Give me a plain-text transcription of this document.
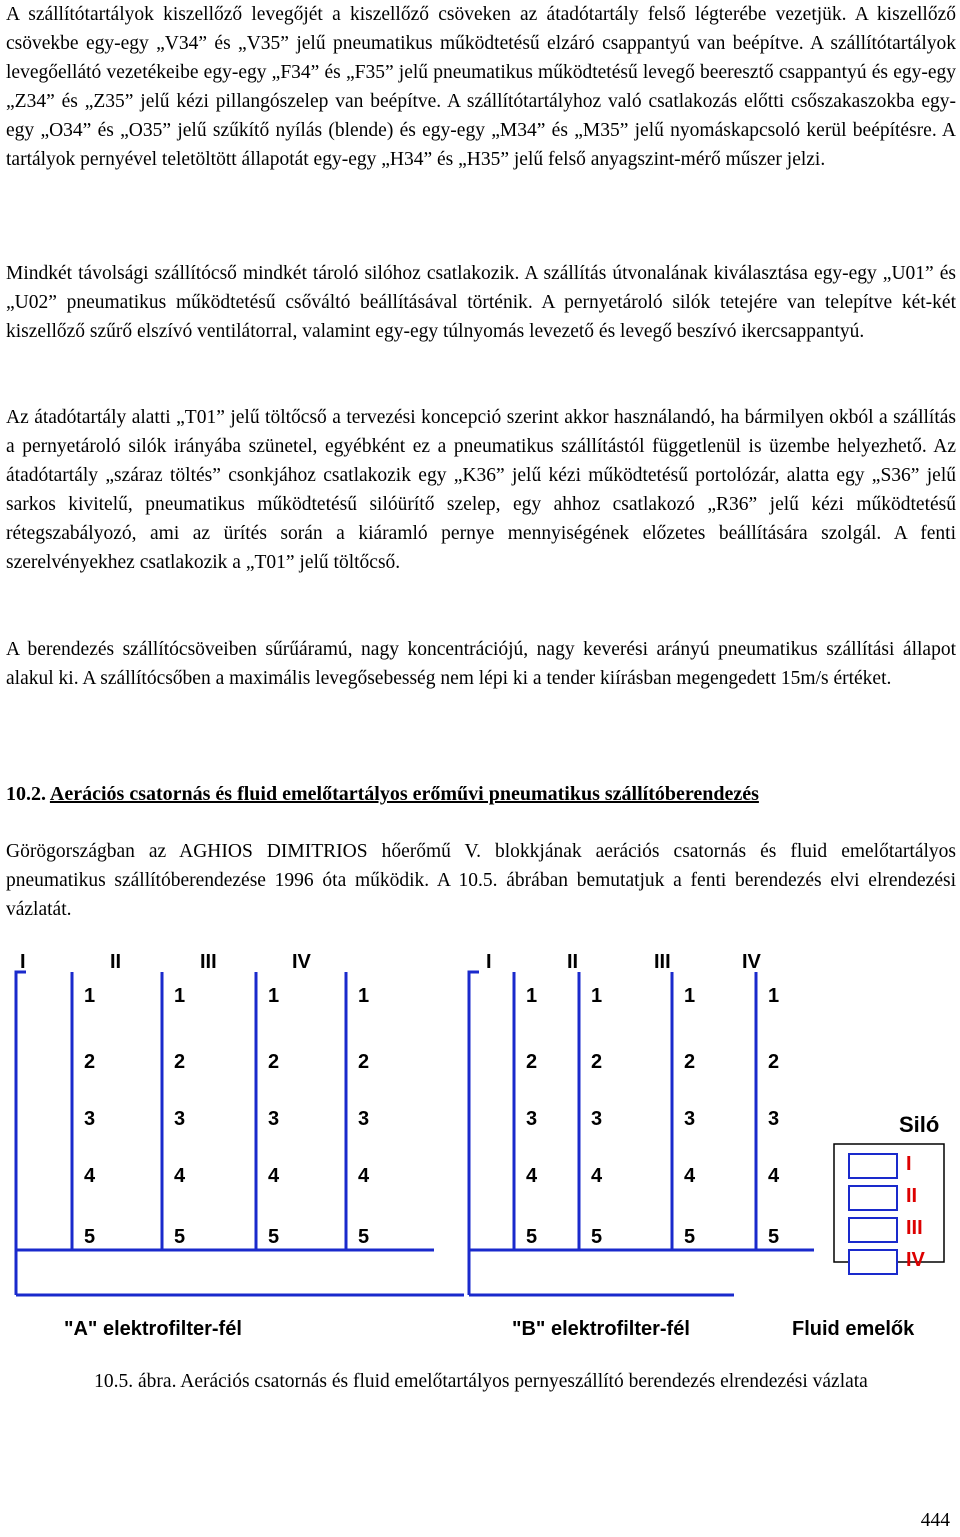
A szállítótartályok kiszellőző levegőjét a kiszellőző csöveken az átadótartály felső légterébe vezetjük. A kiszellőző csövekbe egy-egy „V34” és „V35” jelű pneumatikus működtetésű elzáró csappantyú van beépítve. A szállítótartályok levegőellátó vezetékeibe egy-egy „F34” és „F35” jelű pneumatikus működtetésű levegő beeresztő csappantyú és egy-egy „Z34” és „Z35” jelű kézi pillangószelep van beépítve. A szállítótartályhoz való csatlakozás előtti csőszakaszokba egy-egy „O34” és „O35” jelű szűkítő nyílás (blende) és egy-egy „M34” és „M35” jelű nyomáskapcsoló kerül beépítésre. A tartályok pernyével teletöltött állapotát egy-egy „H34” és „H35” jelű felső anyagszint-mérő műszer jelzi.

Mindkét távolsági szállítócső mindkét tároló silóhoz csatlakozik. A szállítás útvonalának kiválasztása egy-egy „U01” és „U02” pneumatikus működtetésű csőváltó beállításával történik. A pernyetároló silók tetejére van telepítve két-két kiszellőző szűrő elszívó ventilátorral, valamint egy-egy túlnyomás levezető és levegő beszívó ikercsappantyú.

Az átadótartály alatti „T01” jelű töltőcső a tervezési koncepció szerint akkor használandó, ha bármilyen okból a szállítás a pernyetároló silók irányába szünetel, egyébként ez a pneumatikus szállítástól függetlenül is üzembe helyezhető. Az átadótartály „száraz töltés” csonkjához csatlakozik egy „K36” jelű kézi működtetésű portolózár, alatta egy „S36” jelű sarkos kivitelű, pneumatikus működtetésű silóürítő szelep, egy ahhoz csatlakozó „R36” jelű kézi működtetésű rétegszabályozó, ami az ürítés során a kiáramló pernye mennyiségének előzetes beállítására szolgál. A fenti szerelvényekhez csatlakozik a „T01” jelű töltőcső.

A berendezés szállítócsöveiben sűrűáramú, nagy koncentrációjú, nagy keverési arányú pneumatikus szállítási állapot alakul ki. A szállítócsőben a maximális levegősebesség nem lépi ki a tender kiírásban megengedett 15m/s értéket.

10.2. Aerációs csatornás és fluid emelőtartályos erőművi pneumatikus szállítóberendezés

Görögországban az AGHIOS DIMITRIOS hőerőmű V. blokkjának aerációs csatornás és fluid emelőtartályos pneumatikus szállítóberendezése 1996 óta működik. A 10.5. ábrában bemutatjuk a fenti berendezés elvi elrendezési vázlatát.

Siló
I
II
III
IV
I	II	III	IV	I	II	III	IV
1
2
3
4
5
1
2
3
4
5
1
2
3
4
5
1
2
3
4
5
1
2
3
4
5
1
2
3
4
5
1
2
3
4
5
1
2
3
4
5
"A" elektrofilter-fél	"B" elektrofilter-fél	Fluid emelők

10.5. ábra. Aerációs csatornás és fluid emelőtartályos pernyeszállító berendezés elrendezési vázlata

444
